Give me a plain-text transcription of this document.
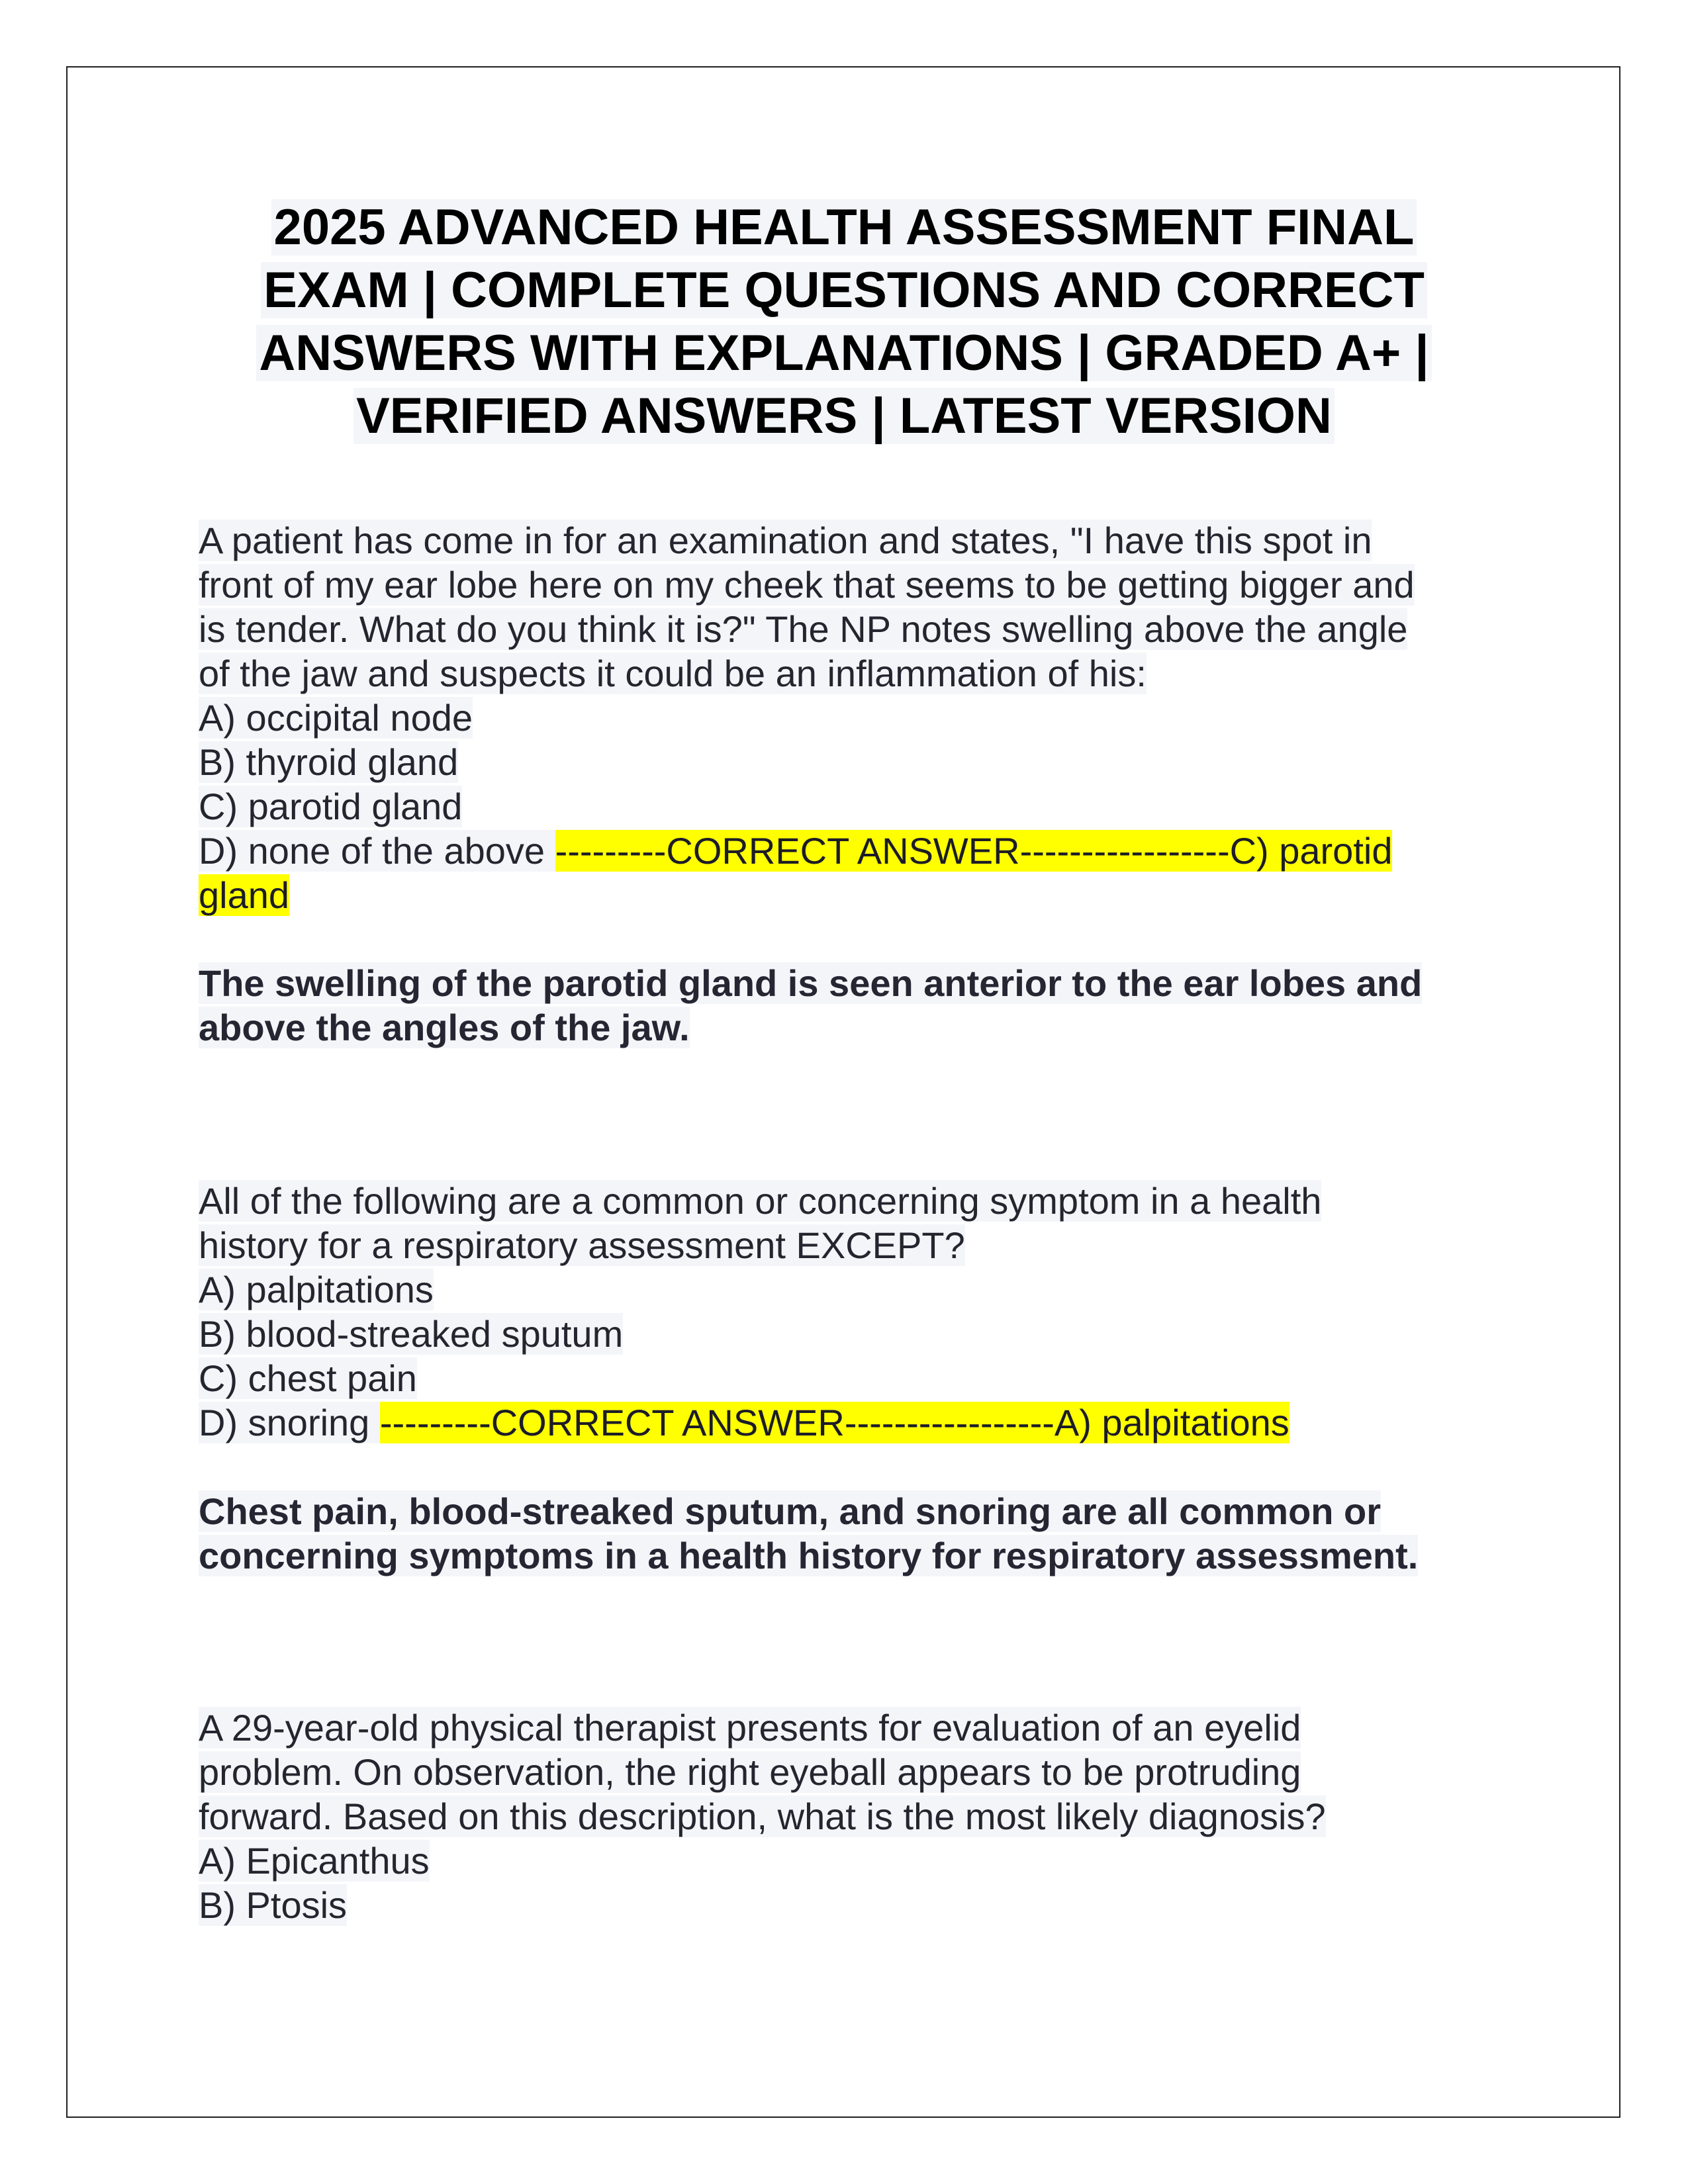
2025 ADVANCED HEALTH ASSESSMENT FINAL
EXAM | COMPLETE QUESTIONS AND CORRECT
ANSWERS WITH EXPLANATIONS | GRADED A+ |
VERIFIED ANSWERS | LATEST VERSION
A patient has come in for an examination and states, "I have this spot in
front of my ear lobe here on my cheek that seems to be getting bigger and
is tender. What do you think it is?" The NP notes swelling above the angle
of the jaw and suspects it could be an inflammation of his:
A) occipital node
B) thyroid gland
C) parotid gland
D) none of the above ---------CORRECT ANSWER-----------------C) parotid
gland
The swelling of the parotid gland is seen anterior to the ear lobes and
above the angles of the jaw.
All of the following are a common or concerning symptom in a health
history for a respiratory assessment EXCEPT?
A) palpitations
B) blood-streaked sputum
C) chest pain
D) snoring ---------CORRECT ANSWER-----------------A) palpitations
Chest pain, blood-streaked sputum, and snoring are all common or
concerning symptoms in a health history for respiratory assessment.
A 29-year-old physical therapist presents for evaluation of an eyelid
problem. On observation, the right eyeball appears to be protruding
forward. Based on this description, what is the most likely diagnosis?
A) Epicanthus
B) Ptosis
